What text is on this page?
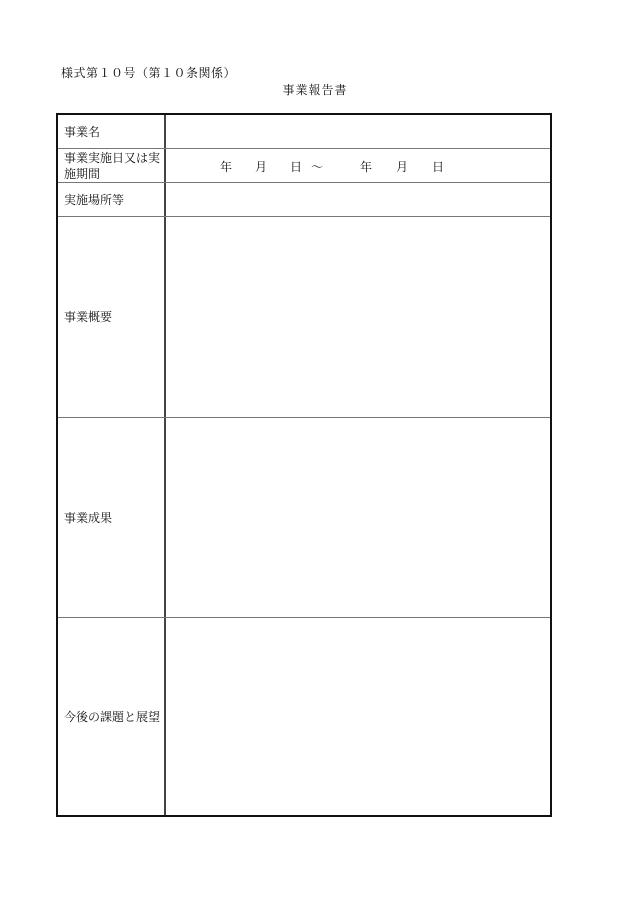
様式第１０号（第１０条関係）
事業報告書
事業名
事業実施日又は実
施期間	年 月 日 ～	年 月 日
実施場所等
事業概要
事業成果
今後の課題と展望
